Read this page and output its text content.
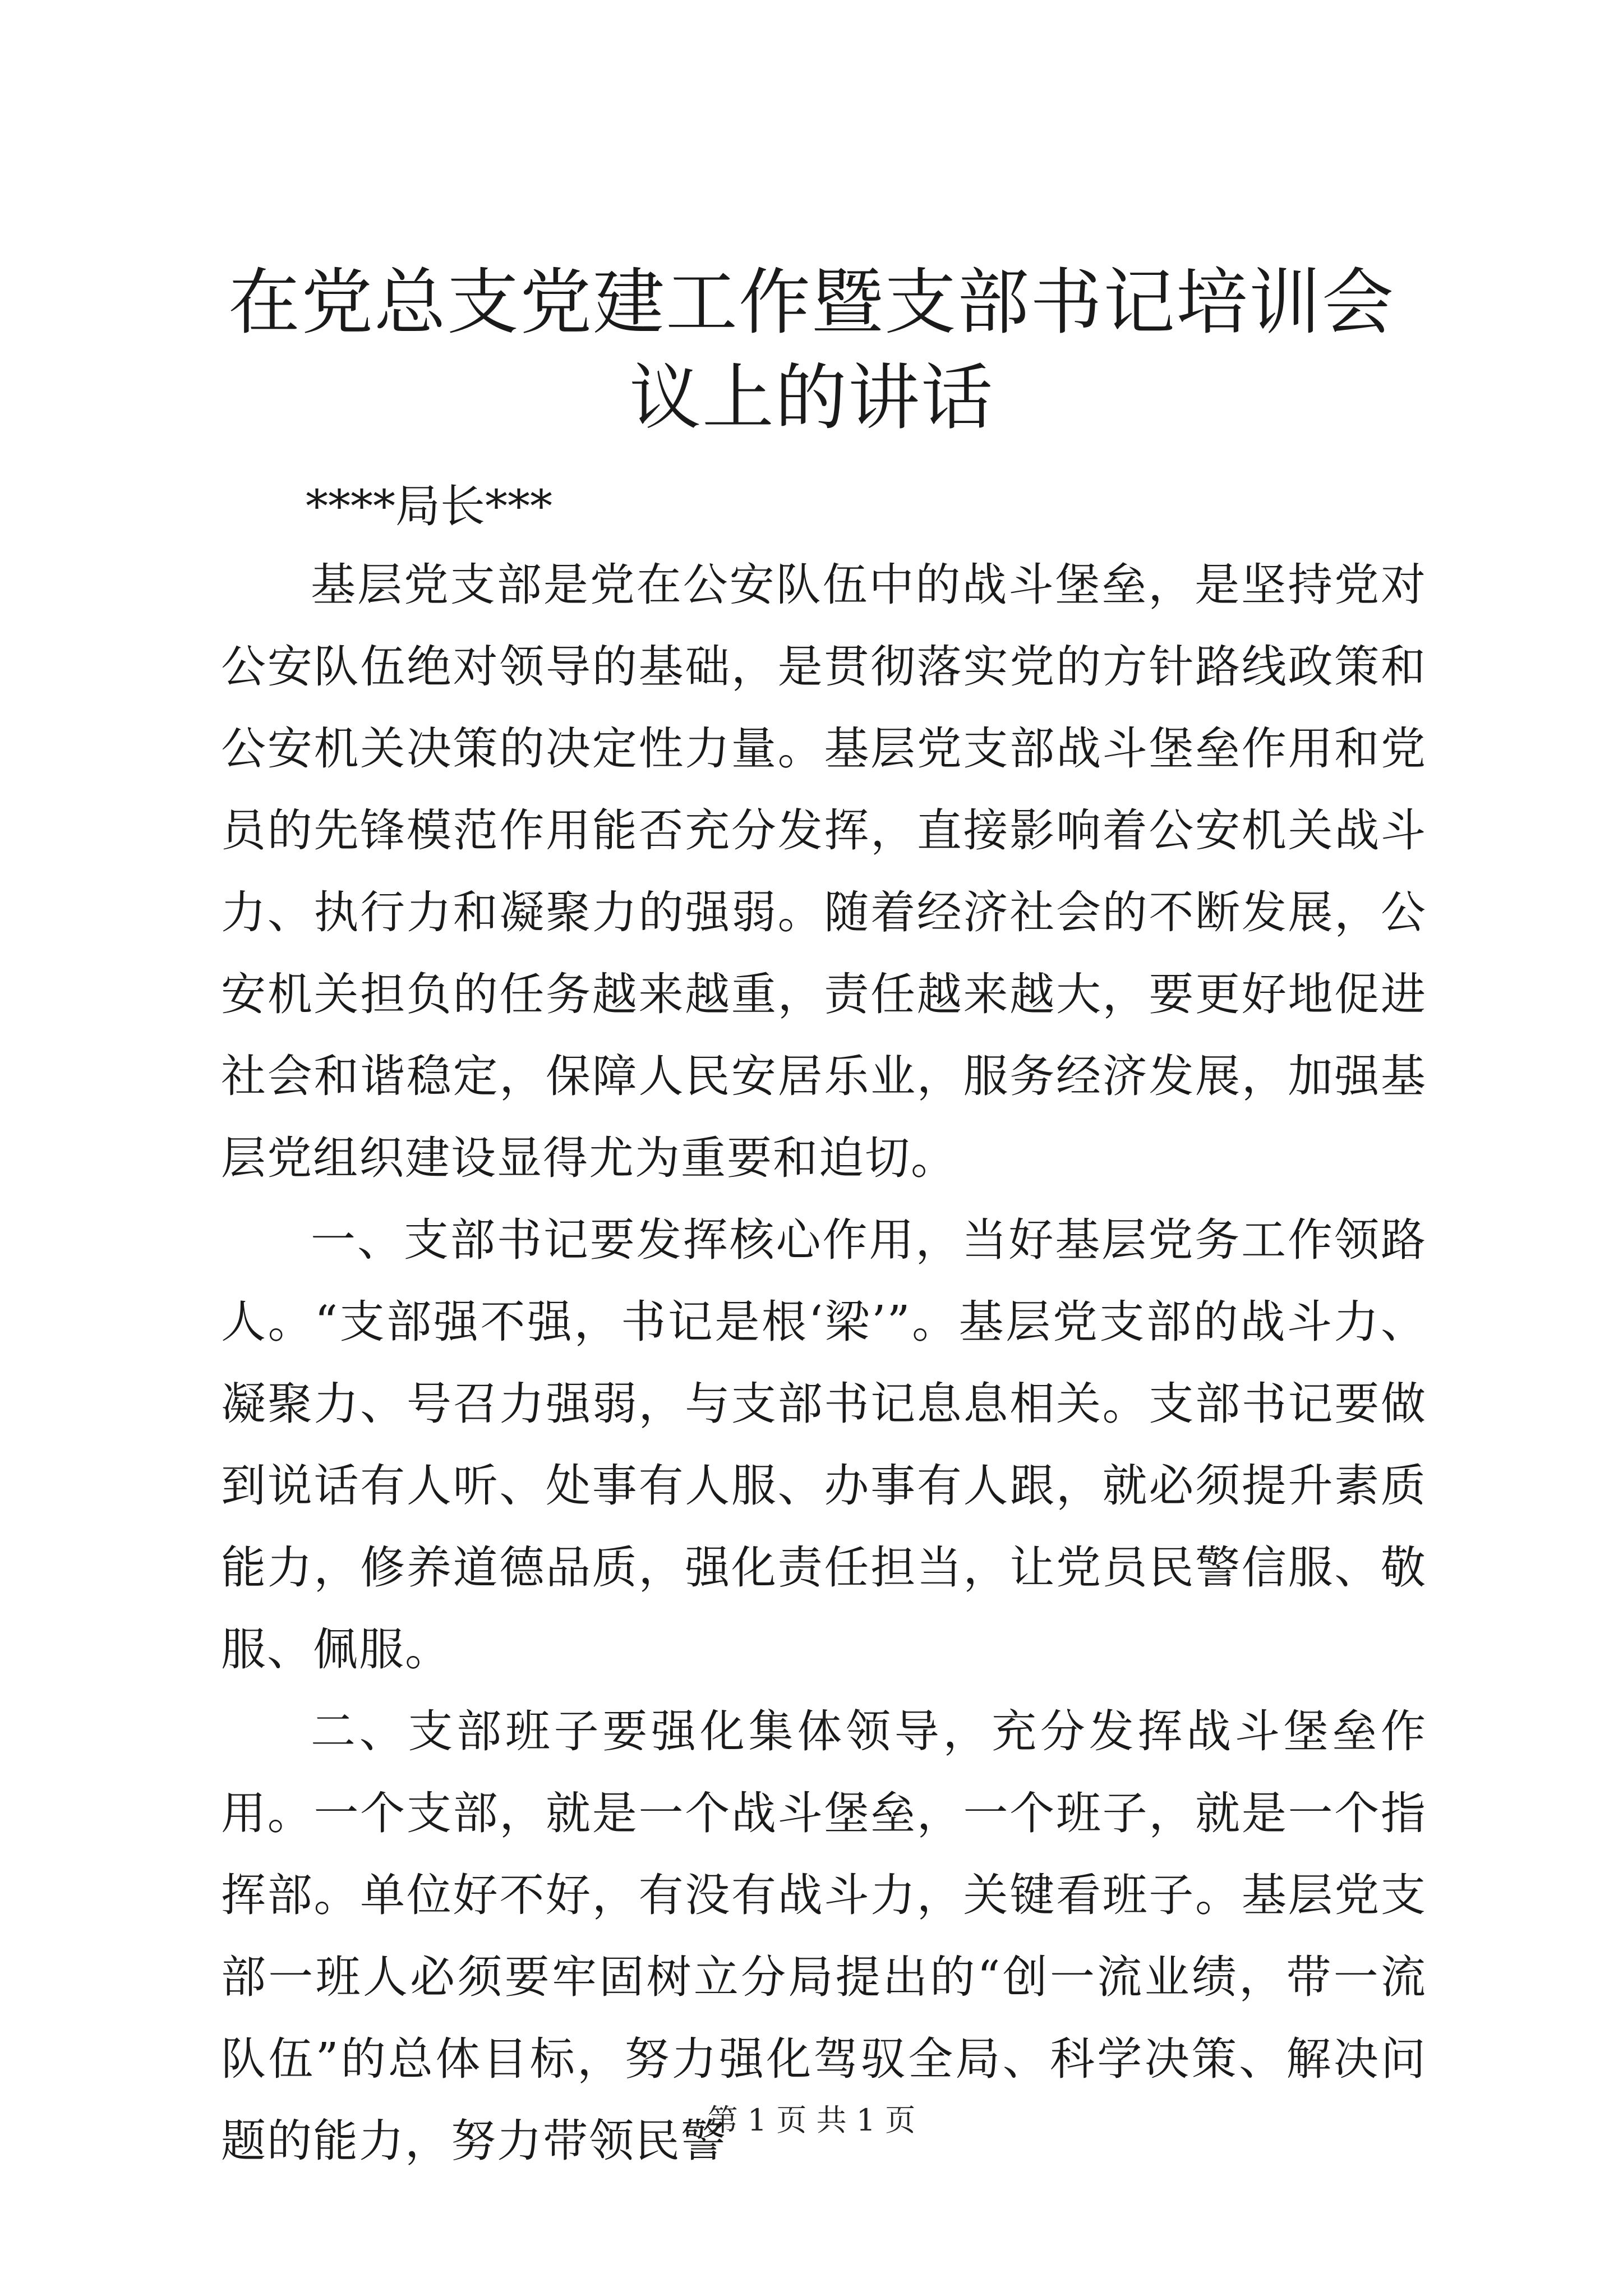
在党总支党建工作暨支部书记培训会议上的讲话
****局长***

基层党支部是党在公安队伍中的战斗堡垒，是坚持党对公安队伍绝对领导的基础，是贯彻落实党的方针路线政策和公安机关决策的决定性力量。基层党支部战斗堡垒作用和党员的先锋模范作用能否充分发挥，直接影响着公安机关战斗力、执行力和凝聚力的强弱。随着经济社会的不断发展，公安机关担负的任务越来越重，责任越来越大，要更好地促进社会和谐稳定，保障人民安居乐业，服务经济发展，加强基层党组织建设显得尤为重要和迫切。

一、支部书记要发挥核心作用，当好基层党务工作领路人。“支部强不强，书记是根‘梁’”。基层党支部的战斗力、凝聚力、号召力强弱，与支部书记息息相关。支部书记要做到说话有人听、处事有人服、办事有人跟，就必须提升素质能力，修养道德品质，强化责任担当，让党员民警信服、敬服、佩服。

二、支部班子要强化集体领导，充分发挥战斗堡垒作用。一个支部，就是一个战斗堡垒，一个班子，就是一个指挥部。单位好不好，有没有战斗力，关键看班子。基层党支部一班人必须要牢固树立分局提出的“创一流业绩，带一流队伍”的总体目标，努力强化驾驭全局、科学决策、解决问题的能力，努力带领民警

第 1 页 共 1 页
